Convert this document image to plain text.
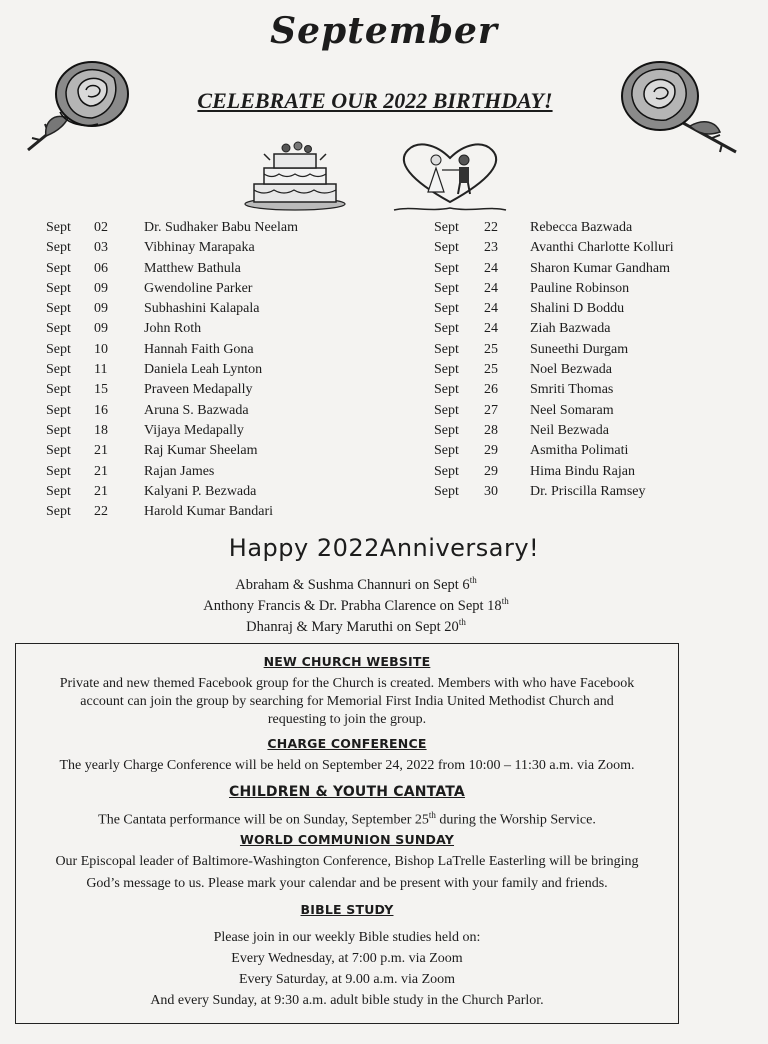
September
CELEBRATE OUR 2022 BIRTHDAY!
Sept 02	Dr. Sudhaker Babu Neelam
Sept 03	Vibhinay Marapaka
Sept 06	Matthew Bathula
Sept 09	Gwendoline Parker
Sept 09	Subhashini Kalapala
Sept 09	John Roth
Sept 10	Hannah Faith Gona
Sept 11	Daniela Leah Lynton
Sept 15	Praveen Medapally
Sept 16	Aruna S. Bazwada
Sept 18	Vijaya Medapally
Sept 21	Raj Kumar Sheelam
Sept 21	Rajan James
Sept 21	Kalyani P. Bezwada
Sept 22	Harold Kumar Bandari
Sept 22 Rebecca Bazwada
Sept 23 Avanthi Charlotte Kolluri
Sept 24 Sharon Kumar Gandham
Sept 24 Pauline Robinson
Sept 24 Shalini D Boddu
Sept 24 Ziah Bazwada
Sept 25 Suneethi Durgam
Sept 25 Noel Bezwada
Sept 26 Smriti Thomas
Sept 27 Neel Somaram
Sept 28 Neil Bezwada
Sept 29 Asmitha Polimati
Sept 29 Hima Bindu Rajan
Sept 30 Dr. Priscilla Ramsey
Happy 2022Anniversary!
Abraham & Sushma Channuri on Sept 6th
Anthony Francis & Dr. Prabha Clarence on Sept 18th
Dhanraj & Mary Maruthi on Sept 20th
NEW CHURCH WEBSITE
Private and new themed Facebook group for the Church is created. Members with who have Facebook
account can join the group by searching for Memorial First India United Methodist Church and
requesting to join the group.
CHARGE CONFERENCE
The yearly Charge Conference will be held on September 24, 2022 from 10:00 – 11:30 a.m. via Zoom.
CHILDREN & YOUTH CANTATA
The Cantata performance will be on Sunday, September 25th during the Worship Service.
WORLD COMMUNION SUNDAY
Our Episcopal leader of Baltimore-Washington Conference, Bishop LaTrelle Easterling will be bringing
God’s message to us. Please mark your calendar and be present with your family and friends.
BIBLE STUDY
Please join in our weekly Bible studies held on:
Every Wednesday, at 7:00 p.m. via Zoom
Every Saturday, at 9.00 a.m. via Zoom
And every Sunday, at 9:30 a.m. adult bible study in the Church Parlor.
